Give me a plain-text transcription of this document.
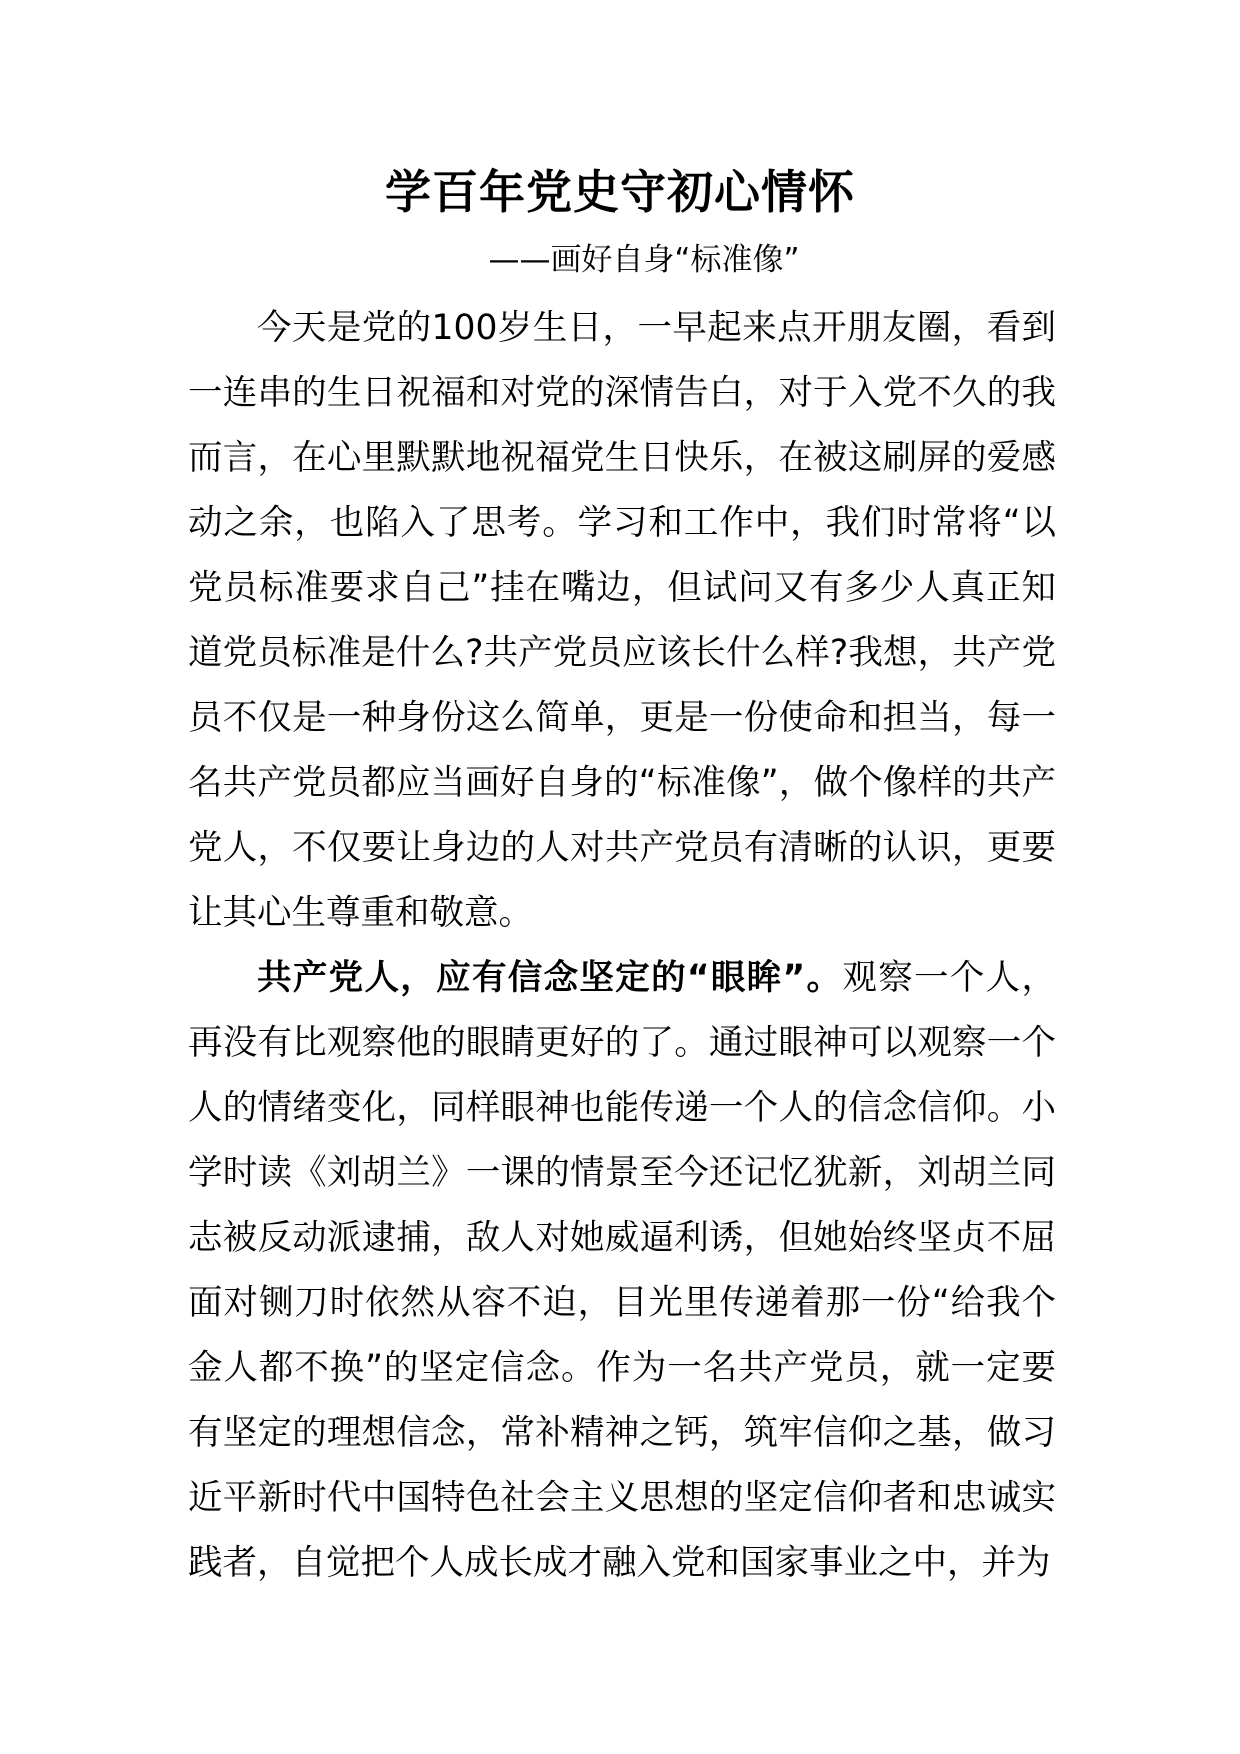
学百年党史守初心情怀
——画好自身“标准像”

今天是党的100岁生日，一早起来点开朋友圈，看到一连串的生日祝福和对党的深情告白，对于入党不久的我而言，在心里默默地祝福党生日快乐，在被这刷屏的爱感动之余，也陷入了思考。学习和工作中，我们时常将“以党员标准要求自己”挂在嘴边，但试问又有多少人真正知道党员标准是什么?共产党员应该长什么样?我想，共产党员不仅是一种身份这么简单，更是一份使命和担当，每一名共产党员都应当画好自身的“标准像”，做个像样的共产党人，不仅要让身边的人对共产党员有清晰的认识，更要让其心生尊重和敬意。

共产党人，应有信念坚定的“眼眸”。观察一个人，再没有比观察他的眼睛更好的了。通过眼神可以观察一个人的情绪变化，同样眼神也能传递一个人的信念信仰。小学时读《刘胡兰》一课的情景至今还记忆犹新，刘胡兰同志被反动派逮捕，敌人对她威逼利诱，但她始终坚贞不屈面对铡刀时依然从容不迫，目光里传递着那一份“给我个金人都不换”的坚定信念。作为一名共产党员，就一定要有坚定的理想信念，常补精神之钙，筑牢信仰之基，做习近平新时代中国特色社会主义思想的坚定信仰者和忠诚实践者，自觉把个人成长成才融入党和国家事业之中，并为
